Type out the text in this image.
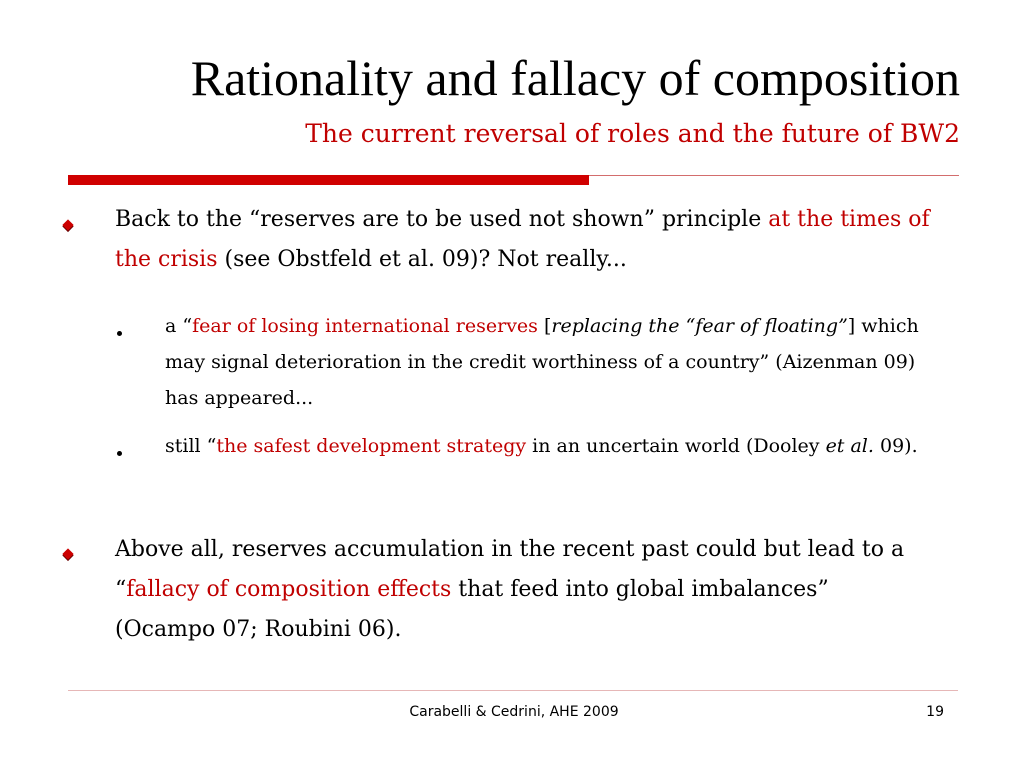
Rationality and fallacy of composition
The current reversal of roles and the future of BW2
Back to the “reserves are to be used not shown” principle at the times of the crisis (see Obstfeld et al. 09)? Not really...
a “fear of losing international reserves [replacing the “fear of floating”] which may signal deterioration in the credit worthiness of a country” (Aizenman 09) has appeared...
still “the safest development strategy in an uncertain world (Dooley et al. 09).
Above all, reserves accumulation in the recent past could but lead to a “fallacy of composition effects that feed into global imbalances” (Ocampo 07; Roubini 06).
Carabelli & Cedrini, AHE 2009	19
